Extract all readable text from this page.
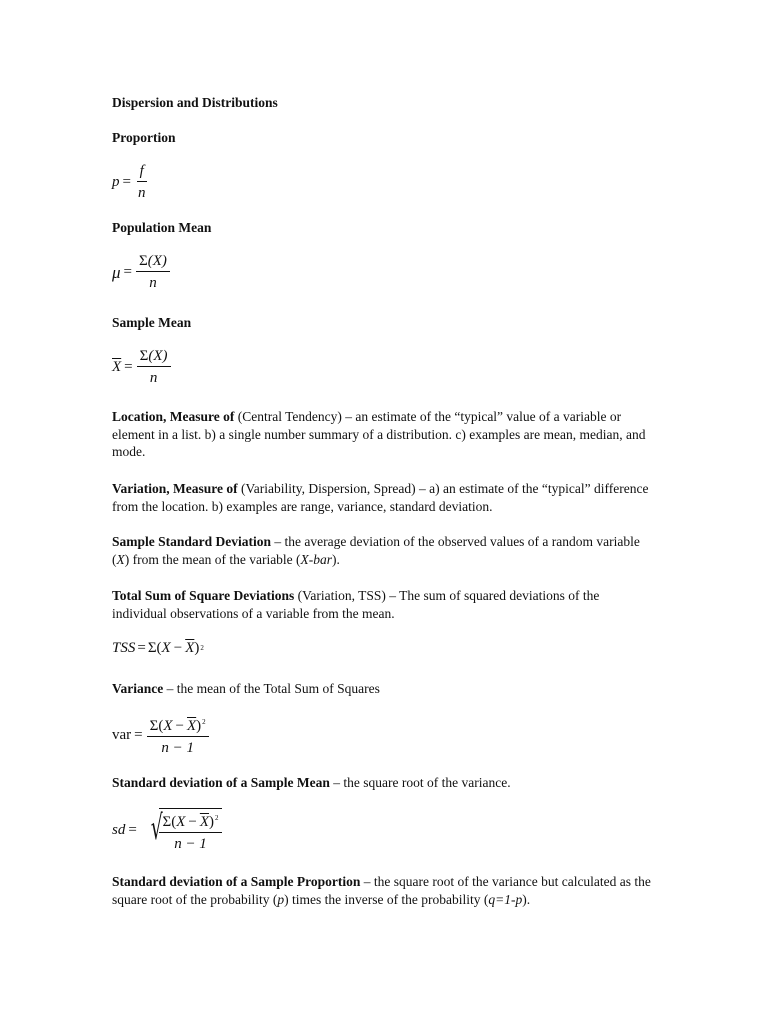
Dispersion and Distributions
Proportion
$p = \frac{f}{n}$
Population Mean
$\mu = \frac{\Sigma(X)}{n}$
Sample Mean
$\overline{X} = \frac{\Sigma(X)}{n}$
Location, Measure of (Central Tendency) – an estimate of the “typical” value of a variable or element in a list. b) a single number summary of a distribution. c) examples are mean, median, and mode.
Variation, Measure of (Variability, Dispersion, Spread) – a) an estimate of the “typical” difference from the location. b) examples are range, variance, standard deviation.
Sample Standard Deviation – the average deviation of the observed values of a random variable (X) from the mean of the variable (X-bar).
Total Sum of Square Deviations (Variation, TSS) – The sum of squared deviations of the individual observations of a variable from the mean.
TSS = Σ ( $X - \overline{X}$ ) 2
Variance – the mean of the Total Sum of Squares
var = $\frac{\Sigma(X - \overline{X})^2}{n - 1}$
Standard deviation of a Sample Mean – the square root of the variance.
sd = √
$\frac{\Sigma(X - \overline{X})^2}{n - 1}$
Standard deviation of a Sample Proportion – the square root of the variance but calculated as the square root of the probability (p) times the inverse of the probability (q=1-p).
